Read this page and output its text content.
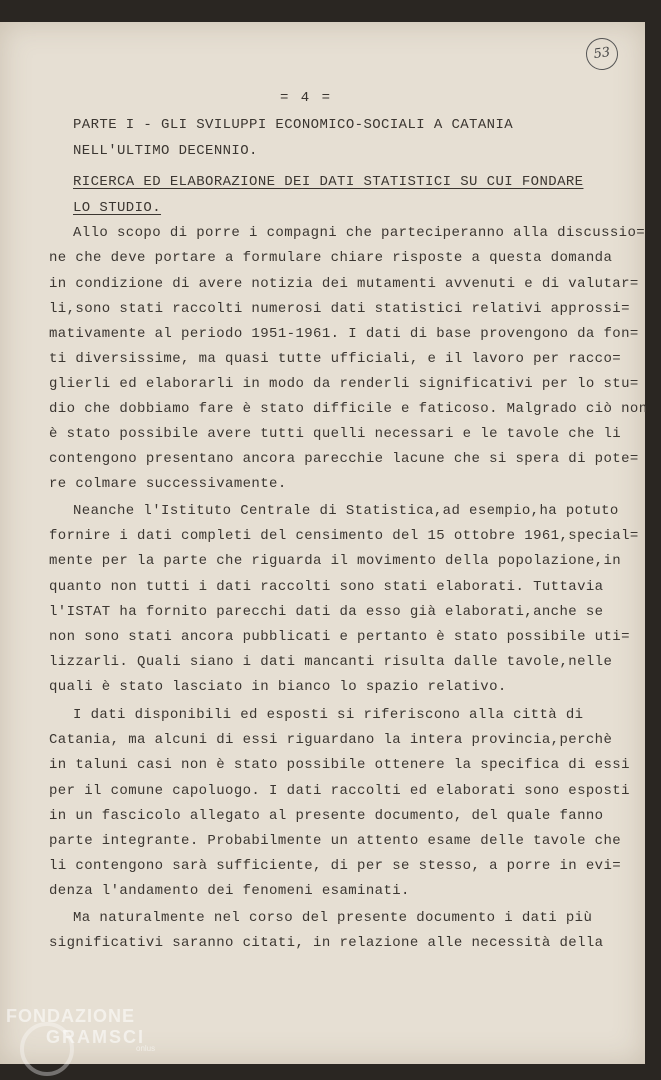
53
= 4 =
PARTE I - GLI SVILUPPI ECONOMICO-SOCIALI A CATANIA
NELL'ULTIMO DECENNIO.
RICERCA ED ELABORAZIONE DEI DATI STATISTICI SU CUI FONDARE
LO STUDIO.
Allo scopo di porre i compagni che parteciperanno alla discussio=
ne che deve portare a formulare chiare risposte a questa domanda
in condizione di avere notizia dei mutamenti avvenuti e di valutar=
li,sono stati raccolti numerosi dati statistici relativi approssi=
mativamente al periodo 1951-1961. I dati di base provengono da fon=
ti diversissime, ma quasi tutte ufficiali, e il lavoro per racco=
glierli ed elaborarli in modo da renderli significativi per lo stu=
dio che dobbiamo fare è stato difficile e faticoso. Malgrado ciò non
è stato possibile avere tutti quelli necessari e le tavole che li
contengono presentano ancora parecchie lacune che si spera di pote=
re colmare successivamente.
Neanche l'Istituto Centrale di Statistica,ad esempio,ha potuto
fornire i dati completi del censimento del 15 ottobre 1961,special=
mente per la parte che riguarda il movimento della popolazione,in
quanto non tutti i dati raccolti sono stati elaborati. Tuttavia
l'ISTAT ha fornito parecchi dati da esso già elaborati,anche se
non sono stati ancora pubblicati e pertanto è stato possibile uti=
lizzarli. Quali siano i dati mancanti risulta dalle tavole,nelle
quali è stato lasciato in bianco lo spazio relativo.
I dati disponibili ed esposti si riferiscono alla città di
Catania, ma alcuni di essi riguardano la intera provincia,perchè
in taluni casi non è stato possibile ottenere la specifica di essi
per il comune capoluogo. I dati raccolti ed elaborati sono esposti
in un fascicolo allegato al presente documento, del quale fanno
parte integrante. Probabilmente un attento esame delle tavole che
li contengono sarà sufficiente, di per se stesso, a porre in evi=
denza l'andamento dei fenomeni esaminati.
Ma naturalmente nel corso del presente documento i dati più
significativi saranno citati, in relazione alle necessità della
FONDAZIONE
GRAMSCI
onlus
